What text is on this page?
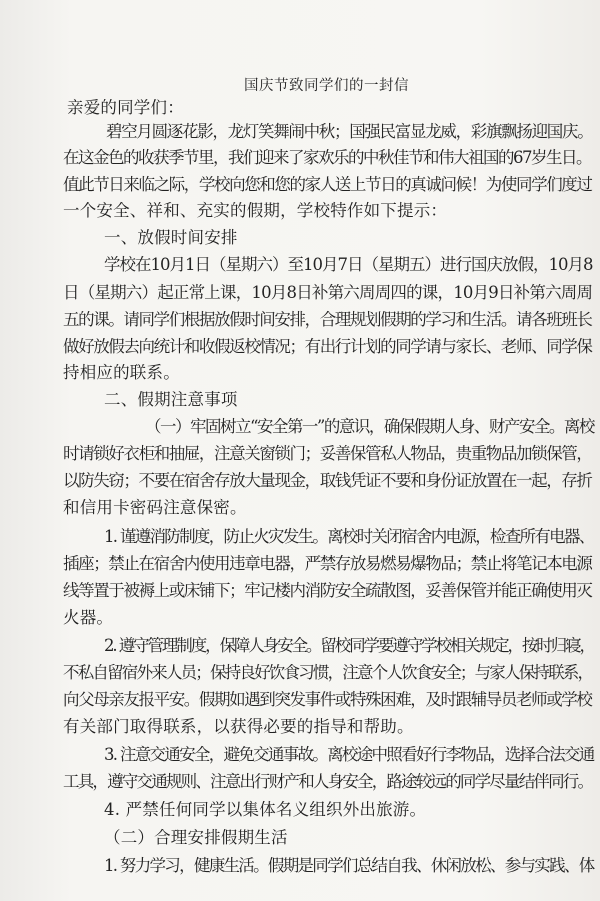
国庆节致同学们的一封信
亲爱的同学们：
碧空月圆逐花影，龙灯笑舞闹中秋；国强民富显龙威，彩旗飘扬迎国庆。
在这金色的收获季节里，我们迎来了家欢乐的中秋佳节和伟大祖国的67岁生日。
值此节日来临之际，学校向您和您的家人送上节日的真诚问候！为使同学们度过
一个安全、祥和、充实的假期，学校特作如下提示：
一、放假时间安排
学校在10月1日（星期六）至10月7日（星期五）进行国庆放假，10月8
日（星期六）起正常上课，10月8日补第六周周四的课，10月9日补第六周周
五的课。请同学们根据放假时间安排，合理规划假期的学习和生活。请各班班长
做好放假去向统计和收假返校情况；有出行计划的同学请与家长、老师、同学保
持相应的联系。
二、假期注意事项
（一）牢固树立“安全第一”的意识，确保假期人身、财产安全。离校
时请锁好衣柜和抽屉，注意关窗锁门；妥善保管私人物品，贵重物品加锁保管，
以防失窃；不要在宿舍存放大量现金，取钱凭证不要和身份证放置在一起，存折
和信用卡密码注意保密。
1. 谨遵消防制度，防止火灾发生。离校时关闭宿舍内电源，检查所有电器、
插座；禁止在宿舍内使用违章电器，严禁存放易燃易爆物品；禁止将笔记本电源
线等置于被褥上或床铺下；牢记楼内消防安全疏散图，妥善保管并能正确使用灭
火器。
2. 遵守管理制度，保障人身安全。留校同学要遵守学校相关规定，按时归寝，
不私自留宿外来人员；保持良好饮食习惯，注意个人饮食安全；与家人保持联系，
向父母亲友报平安。假期如遇到突发事件或特殊困难，及时跟辅导员老师或学校
有关部门取得联系，以获得必要的指导和帮助。
3. 注意交通安全，避免交通事故。离校途中照看好行李物品，选择合法交通
工具，遵守交通规则、注意出行财产和人身安全，路途较远的同学尽量结伴同行。
4. 严禁任何同学以集体名义组织外出旅游。
（二）合理安排假期生活
1. 努力学习，健康生活。假期是同学们总结自我、休闲放松、参与实践、体
